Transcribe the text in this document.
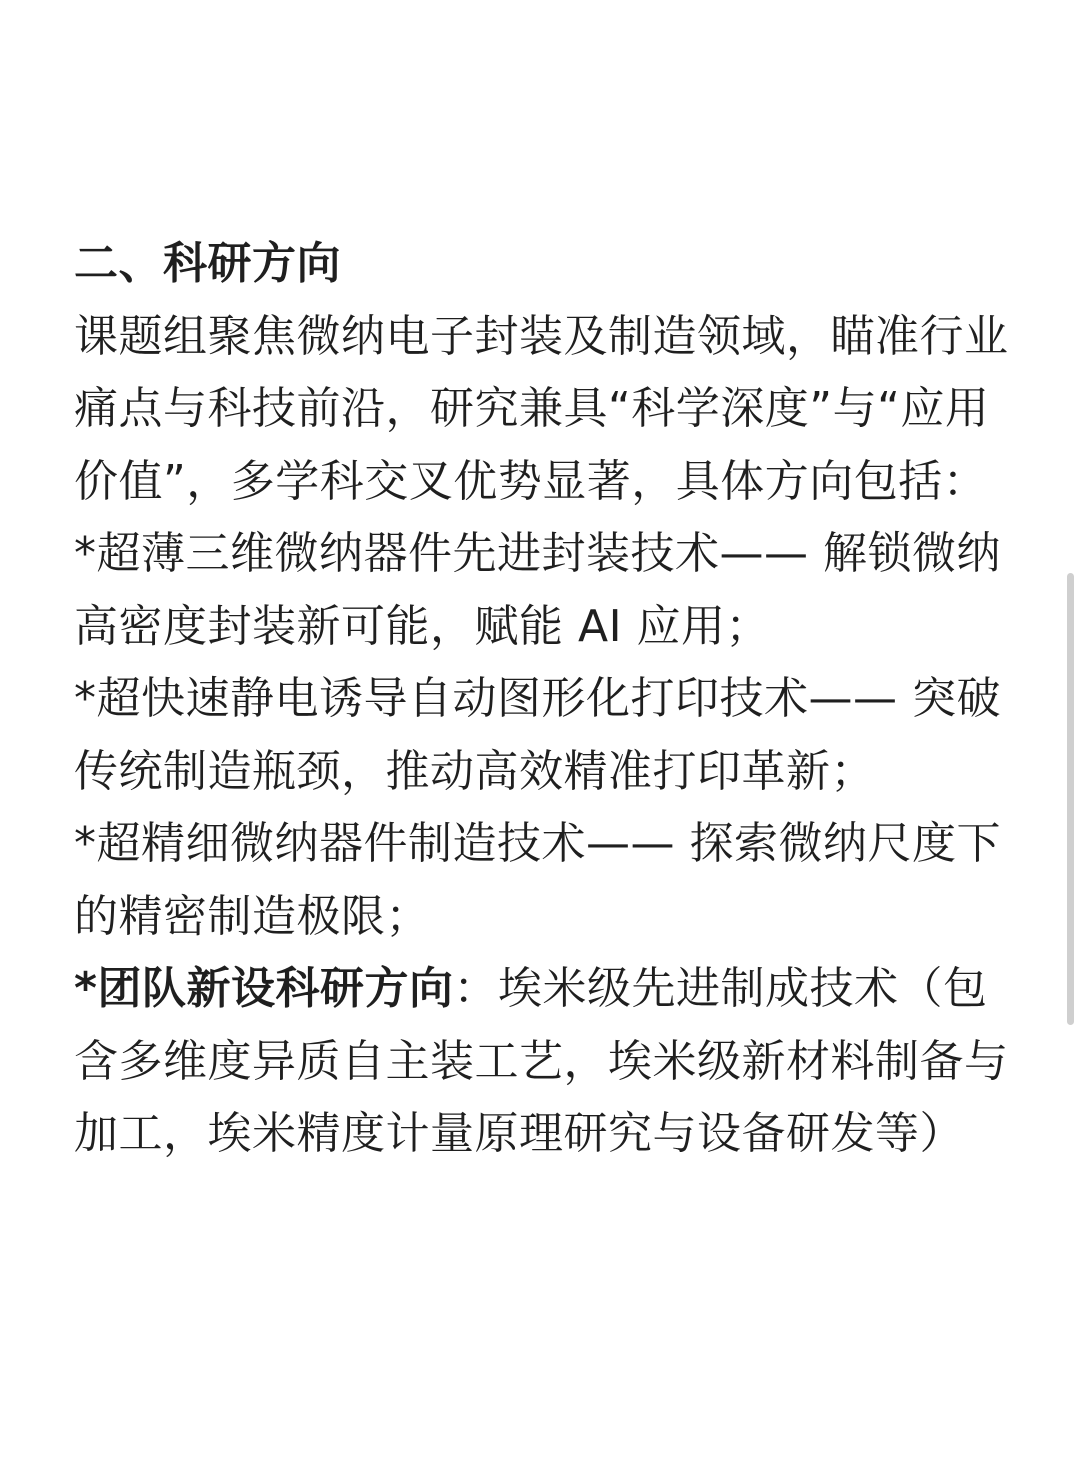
二、科研方向

课题组聚焦微纳电子封装及制造领域，瞄准行业痛点与科技前沿，研究兼具“科学深度”与“应用价值”，多学科交叉优势显著，具体方向包括：

*超薄三维微纳器件先进封装技术—— 解锁微纳高密度封装新可能，赋能 AI 应用；

*超快速静电诱导自动图形化打印技术—— 突破传统制造瓶颈，推动高效精准打印革新；

*超精细微纳器件制造技术—— 探索微纳尺度下的精密制造极限；

*团队新设科研方向：埃米级先进制成技术（包含多维度异质自主装工艺，埃米级新材料制备与加工，埃米精度计量原理研究与设备研发等）
